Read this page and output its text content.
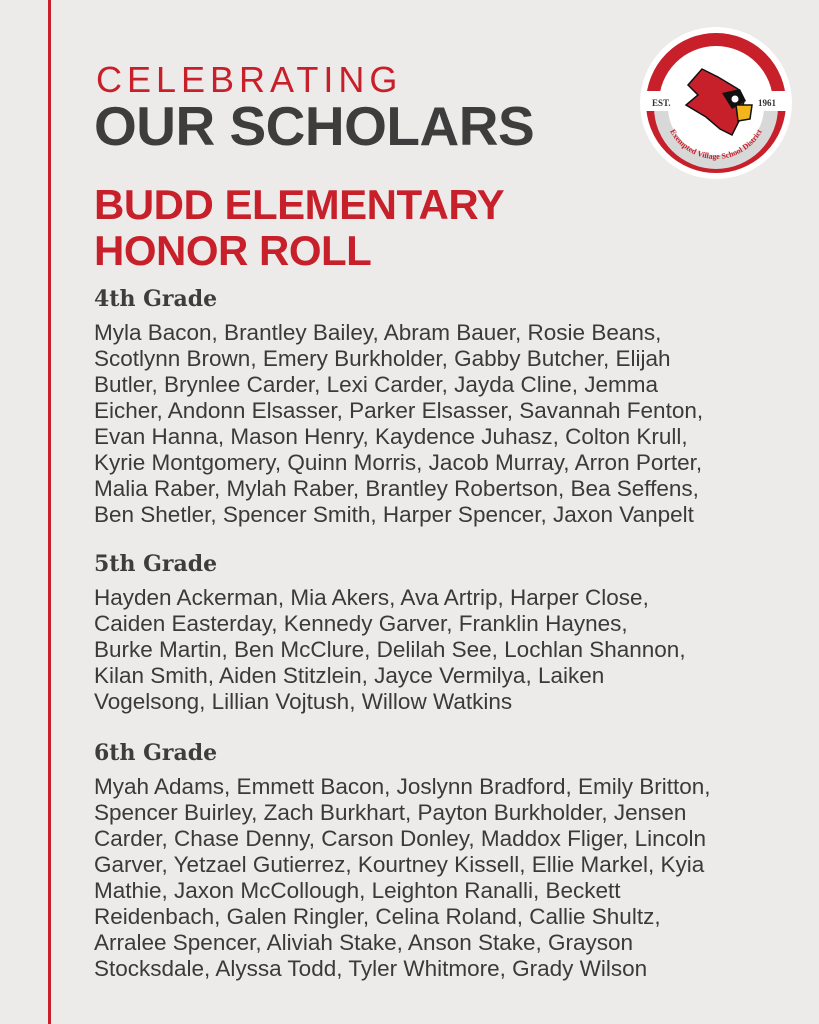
CELEBRATING
OUR SCHOLARS
BUDD ELEMENTARY
HONOR ROLL
LOUDONVILLE-PERRYSVILLE
Exempted Village School District
EST.	1961
4th Grade
Myla Bacon, Brantley Bailey, Abram Bauer, Rosie Beans,
Scotlynn Brown, Emery Burkholder, Gabby Butcher, Elijah
Butler, Brynlee Carder, Lexi Carder, Jayda Cline, Jemma
Eicher, Andonn Elsasser, Parker Elsasser, Savannah Fenton,
Evan Hanna, Mason Henry, Kaydence Juhasz, Colton Krull,
Kyrie Montgomery, Quinn Morris, Jacob Murray, Arron Porter,
Malia Raber, Mylah Raber, Brantley Robertson, Bea Seffens,
Ben Shetler, Spencer Smith, Harper Spencer, Jaxon Vanpelt
5th Grade
Hayden Ackerman, Mia Akers, Ava Artrip, Harper Close,
Caiden Easterday, Kennedy Garver, Franklin Haynes,
Burke Martin, Ben McClure, Delilah See, Lochlan Shannon,
Kilan Smith, Aiden Stitzlein, Jayce Vermilya, Laiken
Vogelsong, Lillian Vojtush, Willow Watkins
6th Grade
Myah Adams, Emmett Bacon, Joslynn Bradford, Emily Britton,
Spencer Buirley, Zach Burkhart, Payton Burkholder, Jensen
Carder, Chase Denny, Carson Donley, Maddox Fliger, Lincoln
Garver, Yetzael Gutierrez, Kourtney Kissell, Ellie Markel, Kyia
Mathie, Jaxon McCollough, Leighton Ranalli, Beckett
Reidenbach, Galen Ringler, Celina Roland, Callie Shultz,
Arralee Spencer, Aliviah Stake, Anson Stake, Grayson
Stocksdale, Alyssa Todd, Tyler Whitmore, Grady Wilson
